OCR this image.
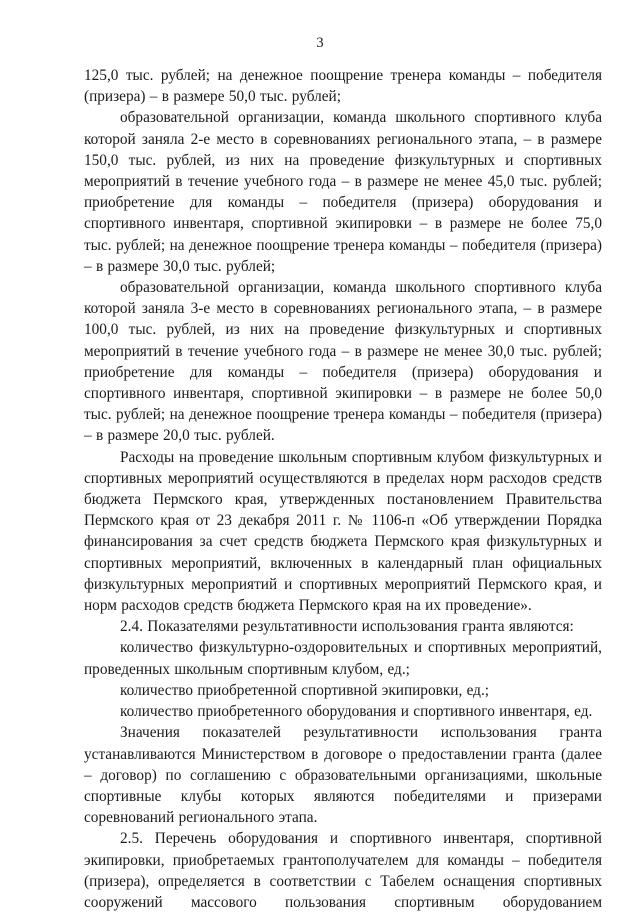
3

125,0 тыс. рублей; на денежное поощрение тренера команды – победителя (призера) – в размере 50,0 тыс. рублей;

образовательной организации, команда школьного спортивного клуба которой заняла 2-е место в соревнованиях регионального этапа, – в размере 150,0 тыс. рублей, из них на проведение физкультурных и спортивных мероприятий в течение учебного года – в размере не менее 45,0 тыс. рублей; приобретение для команды – победителя (призера) оборудования и спортивного инвентаря, спортивной экипировки – в размере не более 75,0 тыс. рублей; на денежное поощрение тренера команды – победителя (призера) – в размере 30,0 тыс. рублей;

образовательной организации, команда школьного спортивного клуба которой заняла 3-е место в соревнованиях регионального этапа, – в размере 100,0 тыс. рублей, из них на проведение физкультурных и спортивных мероприятий в течение учебного года – в размере не менее 30,0 тыс. рублей; приобретение для команды – победителя (призера) оборудования и спортивного инвентаря, спортивной экипировки – в размере не более 50,0 тыс. рублей; на денежное поощрение тренера команды – победителя (призера) – в размере 20,0 тыс. рублей.

Расходы на проведение школьным спортивным клубом физкультурных и спортивных мероприятий осуществляются в пределах норм расходов средств бюджета Пермского края, утвержденных постановлением Правительства Пермского края от 23 декабря 2011 г. № 1106-п «Об утверждении Порядка финансирования за счет средств бюджета Пермского края физкультурных и спортивных мероприятий, включенных в календарный план официальных физкультурных мероприятий и спортивных мероприятий Пермского края, и норм расходов средств бюджета Пермского края на их проведение».

2.4. Показателями результативности использования гранта являются:

количество физкультурно-оздоровительных и спортивных мероприятий, проведенных школьным спортивным клубом, ед.;

количество приобретенной спортивной экипировки, ед.;

количество приобретенного оборудования и спортивного инвентаря, ед.

Значения показателей результативности использования гранта устанавливаются Министерством в договоре о предоставлении гранта (далее – договор) по соглашению с образовательными организациями, школьные спортивные клубы которых являются победителями и призерами соревнований регионального этапа.

2.5. Перечень оборудования и спортивного инвентаря, спортивной экипировки, приобретаемых грантополучателем для команды – победителя (призера), определяется в соответствии с Табелем оснащения спортивных сооружений массового пользования спортивным оборудованием
